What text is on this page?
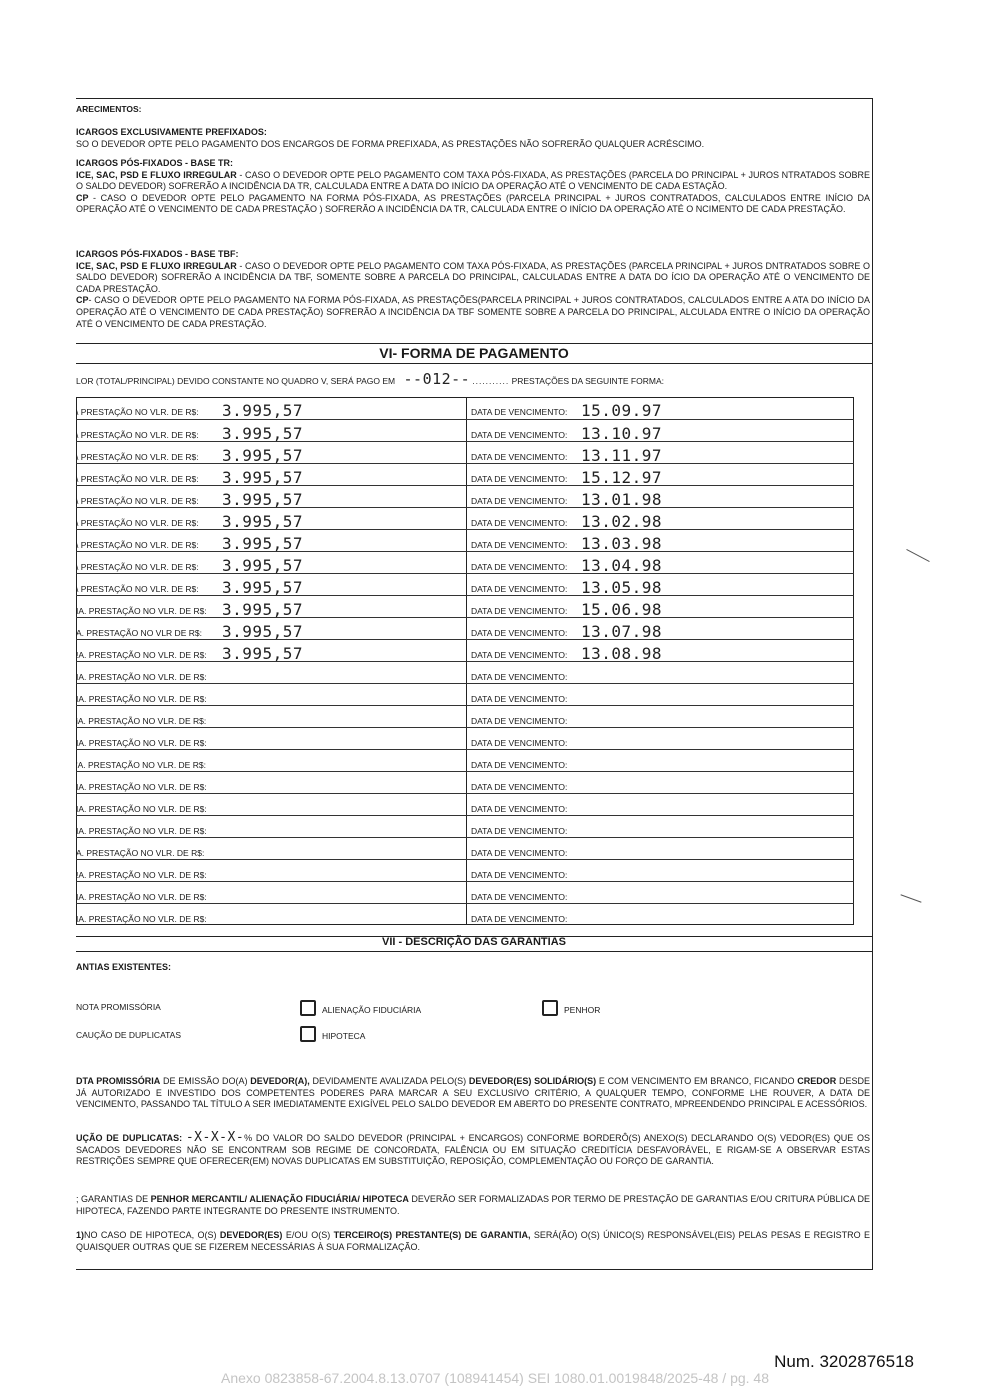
ARECIMENTOS:

ICARGOS EXCLUSIVAMENTE PREFIXADOS:

SO O DEVEDOR OPTE PELO PAGAMENTO DOS ENCARGOS DE FORMA PREFIXADA, AS PRESTAÇÕES NÃO SOFRERÃO QUALQUER ACRÉSCIMO.

ICARGOS PÓS-FIXADOS - BASE TR:

ICE, SAC, PSD E FLUXO IRREGULAR - CASO O DEVEDOR OPTE PELO PAGAMENTO COM TAXA PÓS-FIXADA, AS PRESTAÇÕES (PARCELA DO PRINCIPAL + JUROS NTRATADOS SOBRE O SALDO DEVEDOR) SOFRERÃO A INCIDÊNCIA DA TR, CALCULADA ENTRE A DATA DO INÍCIO DA OPERAÇÃO ATÉ O VENCIMENTO DE CADA ESTAÇÃO.

CP - CASO O DEVEDOR OPTE PELO PAGAMENTO NA FORMA PÓS-FIXADA, AS PRESTAÇÕES (PARCELA PRINCIPAL + JUROS CONTRATADOS, CALCULADOS ENTRE INÍCIO DA OPERAÇÃO ATÉ O VENCIMENTO DE CADA PRESTAÇÃO ) SOFRERÃO A INCIDÊNCIA DA TR, CALCULADA ENTRE O INÍCIO DA OPERAÇÃO ATÉ O NCIMENTO DE CADA PRESTAÇÃO.

ICARGOS PÓS-FIXADOS - BASE TBF:

ICE, SAC, PSD E FLUXO IRREGULAR - CASO O DEVEDOR OPTE PELO PAGAMENTO COM TAXA PÓS-FIXADA, AS PRESTAÇÕES (PARCELA PRINCIPAL + JUROS DNTRATADOS SOBRE O SALDO DEVEDOR) SOFRERÃO A INCIDÊNCIA DA TBF, SOMENTE SOBRE A PARCELA DO PRINCIPAL, CALCULADAS ENTRE A DATA DO ÍCIO DA OPERAÇÃO ATÉ O VENCIMENTO DE CADA PRESTAÇÃO.

CP- CASO O DEVEDOR OPTE PELO PAGAMENTO NA FORMA PÓS-FIXADA, AS PRESTAÇÕES(PARCELA PRINCIPAL + JUROS CONTRATADOS, CALCULADOS ENTRE A ATA DO INÍCIO DA OPERAÇÃO ATÉ O VENCIMENTO DE CADA PRESTAÇÃO) SOFRERÃO A INCIDÊNCIA DA TBF SOMENTE SOBRE A PARCELA DO PRINCIPAL, ALCULADA ENTRE O INÍCIO DA OPERAÇÃO ATÉ O VENCIMENTO DE CADA PRESTAÇÃO.

VI- FORMA DE PAGAMENTO
LOR (TOTAL/PRINCIPAL) DEVIDO CONSTANTE NO QUADRO V, SERÁ PAGO EM --012-- ........... PRESTAÇÕES DA SEGUINTE FORMA:
\ PRESTAÇÃO NO VLR. DE R$: 3.995,57	DATA DE VENCIMENTO: 15.09.97
\ PRESTAÇÃO NO VLR. DE R$: 3.995,57	DATA DE VENCIMENTO: 13.10.97
\ PRESTAÇÃO NO VLR. DE R$: 3.995,57	DATA DE VENCIMENTO: 13.11.97
\ PRESTAÇÃO NO VLR. DE R$: 3.995,57	DATA DE VENCIMENTO: 15.12.97
\ PRESTAÇÃO NO VLR. DE R$: 3.995,57	DATA DE VENCIMENTO: 13.01.98
\ PRESTAÇÃO NO VLR. DE R$: 3.995,57	DATA DE VENCIMENTO: 13.02.98
\ PRESTAÇÃO NO VLR. DE R$: 3.995,57	DATA DE VENCIMENTO: 13.03.98
\ PRESTAÇÃO NO VLR. DE R$: 3.995,57	DATA DE VENCIMENTO: 13.04.98
\ PRESTAÇÃO NO VLR. DE R$: 3.995,57	DATA DE VENCIMENTO: 13.05.98
IA. PRESTAÇÃO NO VLR. DE R$: 3.995,57	DATA DE VENCIMENTO: 15.06.98
A. PRESTAÇÃO NO VLR DE R$: 3.995,57	DATA DE VENCIMENTO: 13.07.98
!A. PRESTAÇÃO NO VLR. DE R$: 3.995,57	DATA DE VENCIMENTO: 13.08.98
IA. PRESTAÇÃO NO VLR. DE R$:	DATA DE VENCIMENTO:
IA. PRESTAÇÃO NO VLR. DE R$:	DATA DE VENCIMENTO:
iA. PRESTAÇÃO NO VLR. DE R$:	DATA DE VENCIMENTO:
IA. PRESTAÇÃO NO VLR. DE R$:	DATA DE VENCIMENTO:
'A. PRESTAÇÃO NO VLR. DE R$:	DATA DE VENCIMENTO:
IA. PRESTAÇÃO NO VLR. DE R$:	DATA DE VENCIMENTO:
IA. PRESTAÇÃO NO VLR. DE R$:	DATA DE VENCIMENTO:
IA. PRESTAÇÃO NO VLR. DE R$:	DATA DE VENCIMENTO:
A. PRESTAÇÃO NO VLR. DE R$:	DATA DE VENCIMENTO:
!A. PRESTAÇÃO NO VLR. DE R$:	DATA DE VENCIMENTO:
IA. PRESTAÇÃO NO VLR. DE R$:	DATA DE VENCIMENTO:
IA. PRESTAÇÃO NO VLR. DE R$:	DATA DE VENCIMENTO:
VII - DESCRIÇÃO DAS GARANTIAS
ANTIAS EXISTENTES:
NOTA PROMISSÓRIA	ALIENAÇÃO FIDUCIÁRIA	PENHOR
CAUÇÃO DE DUPLICATAS	HIPOTECA

DTA PROMISSÓRIA DE EMISSÃO DO(A) DEVEDOR(A), DEVIDAMENTE AVALIZADA PELO(S) DEVEDOR(ES) SOLIDÁRIO(S) E COM VENCIMENTO EM BRANCO, FICANDO CREDOR DESDE JÁ AUTORIZADO E INVESTIDO DOS COMPETENTES PODERES PARA MARCAR A SEU EXCLUSIVO CRITÉRIO, A QUALQUER TEMPO, CONFORME LHE ROUVER, A DATA DE VENCIMENTO, PASSANDO TAL TÍTULO A SER IMEDIATAMENTE EXIGÍVEL PELO SALDO DEVEDOR EM ABERTO DO PRESENTE CONTRATO, MPREENDENDO PRINCIPAL E ACESSÓRIOS.

UÇÃO DE DUPLICATAS: -X-X-X-% DO VALOR DO SALDO DEVEDOR (PRINCIPAL + ENCARGOS) CONFORME BORDERÔ(S) ANEXO(S) DECLARANDO O(S) VEDOR(ES) QUE OS SACADOS DEVEDORES NÃO SE ENCONTRAM SOB REGIME DE CONCORDATA, FALÊNCIA OU EM SITUAÇÃO CREDITÍCIA DESFAVORÁVEL, E RIGAM-SE A OBSERVAR ESTAS RESTRIÇÕES SEMPRE QUE OFERECER(EM) NOVAS DUPLICATAS EM SUBSTITUIÇÃO, REPOSIÇÃO, COMPLEMENTAÇÃO OU FORÇO DE GARANTIA.

; GARANTIAS DE PENHOR MERCANTIL/ ALIENAÇÃO FIDUCIÁRIA/ HIPOTECA DEVERÃO SER FORMALIZADAS POR TERMO DE PRESTAÇÃO DE GARANTIAS E/OU CRITURA PÚBLICA DE HIPOTECA, FAZENDO PARTE INTEGRANTE DO PRESENTE INSTRUMENTO.

1)NO CASO DE HIPOTECA, O(S) DEVEDOR(ES) E/OU O(S) TERCEIRO(S) PRESTANTE(S) DE GARANTIA, SERÁ(ÃO) O(S) ÚNICO(S) RESPONSÁVEL(EIS) PELAS PESAS E REGISTRO E QUAISQUER OUTRAS QUE SE FIZEREM NECESSÁRIAS À SUA FORMALIZAÇÃO.

Num. 3202876518
Anexo 0823858-67.2004.8.13.0707 (108941454) SEI 1080.01.0019848/2025-48 / pg. 48
